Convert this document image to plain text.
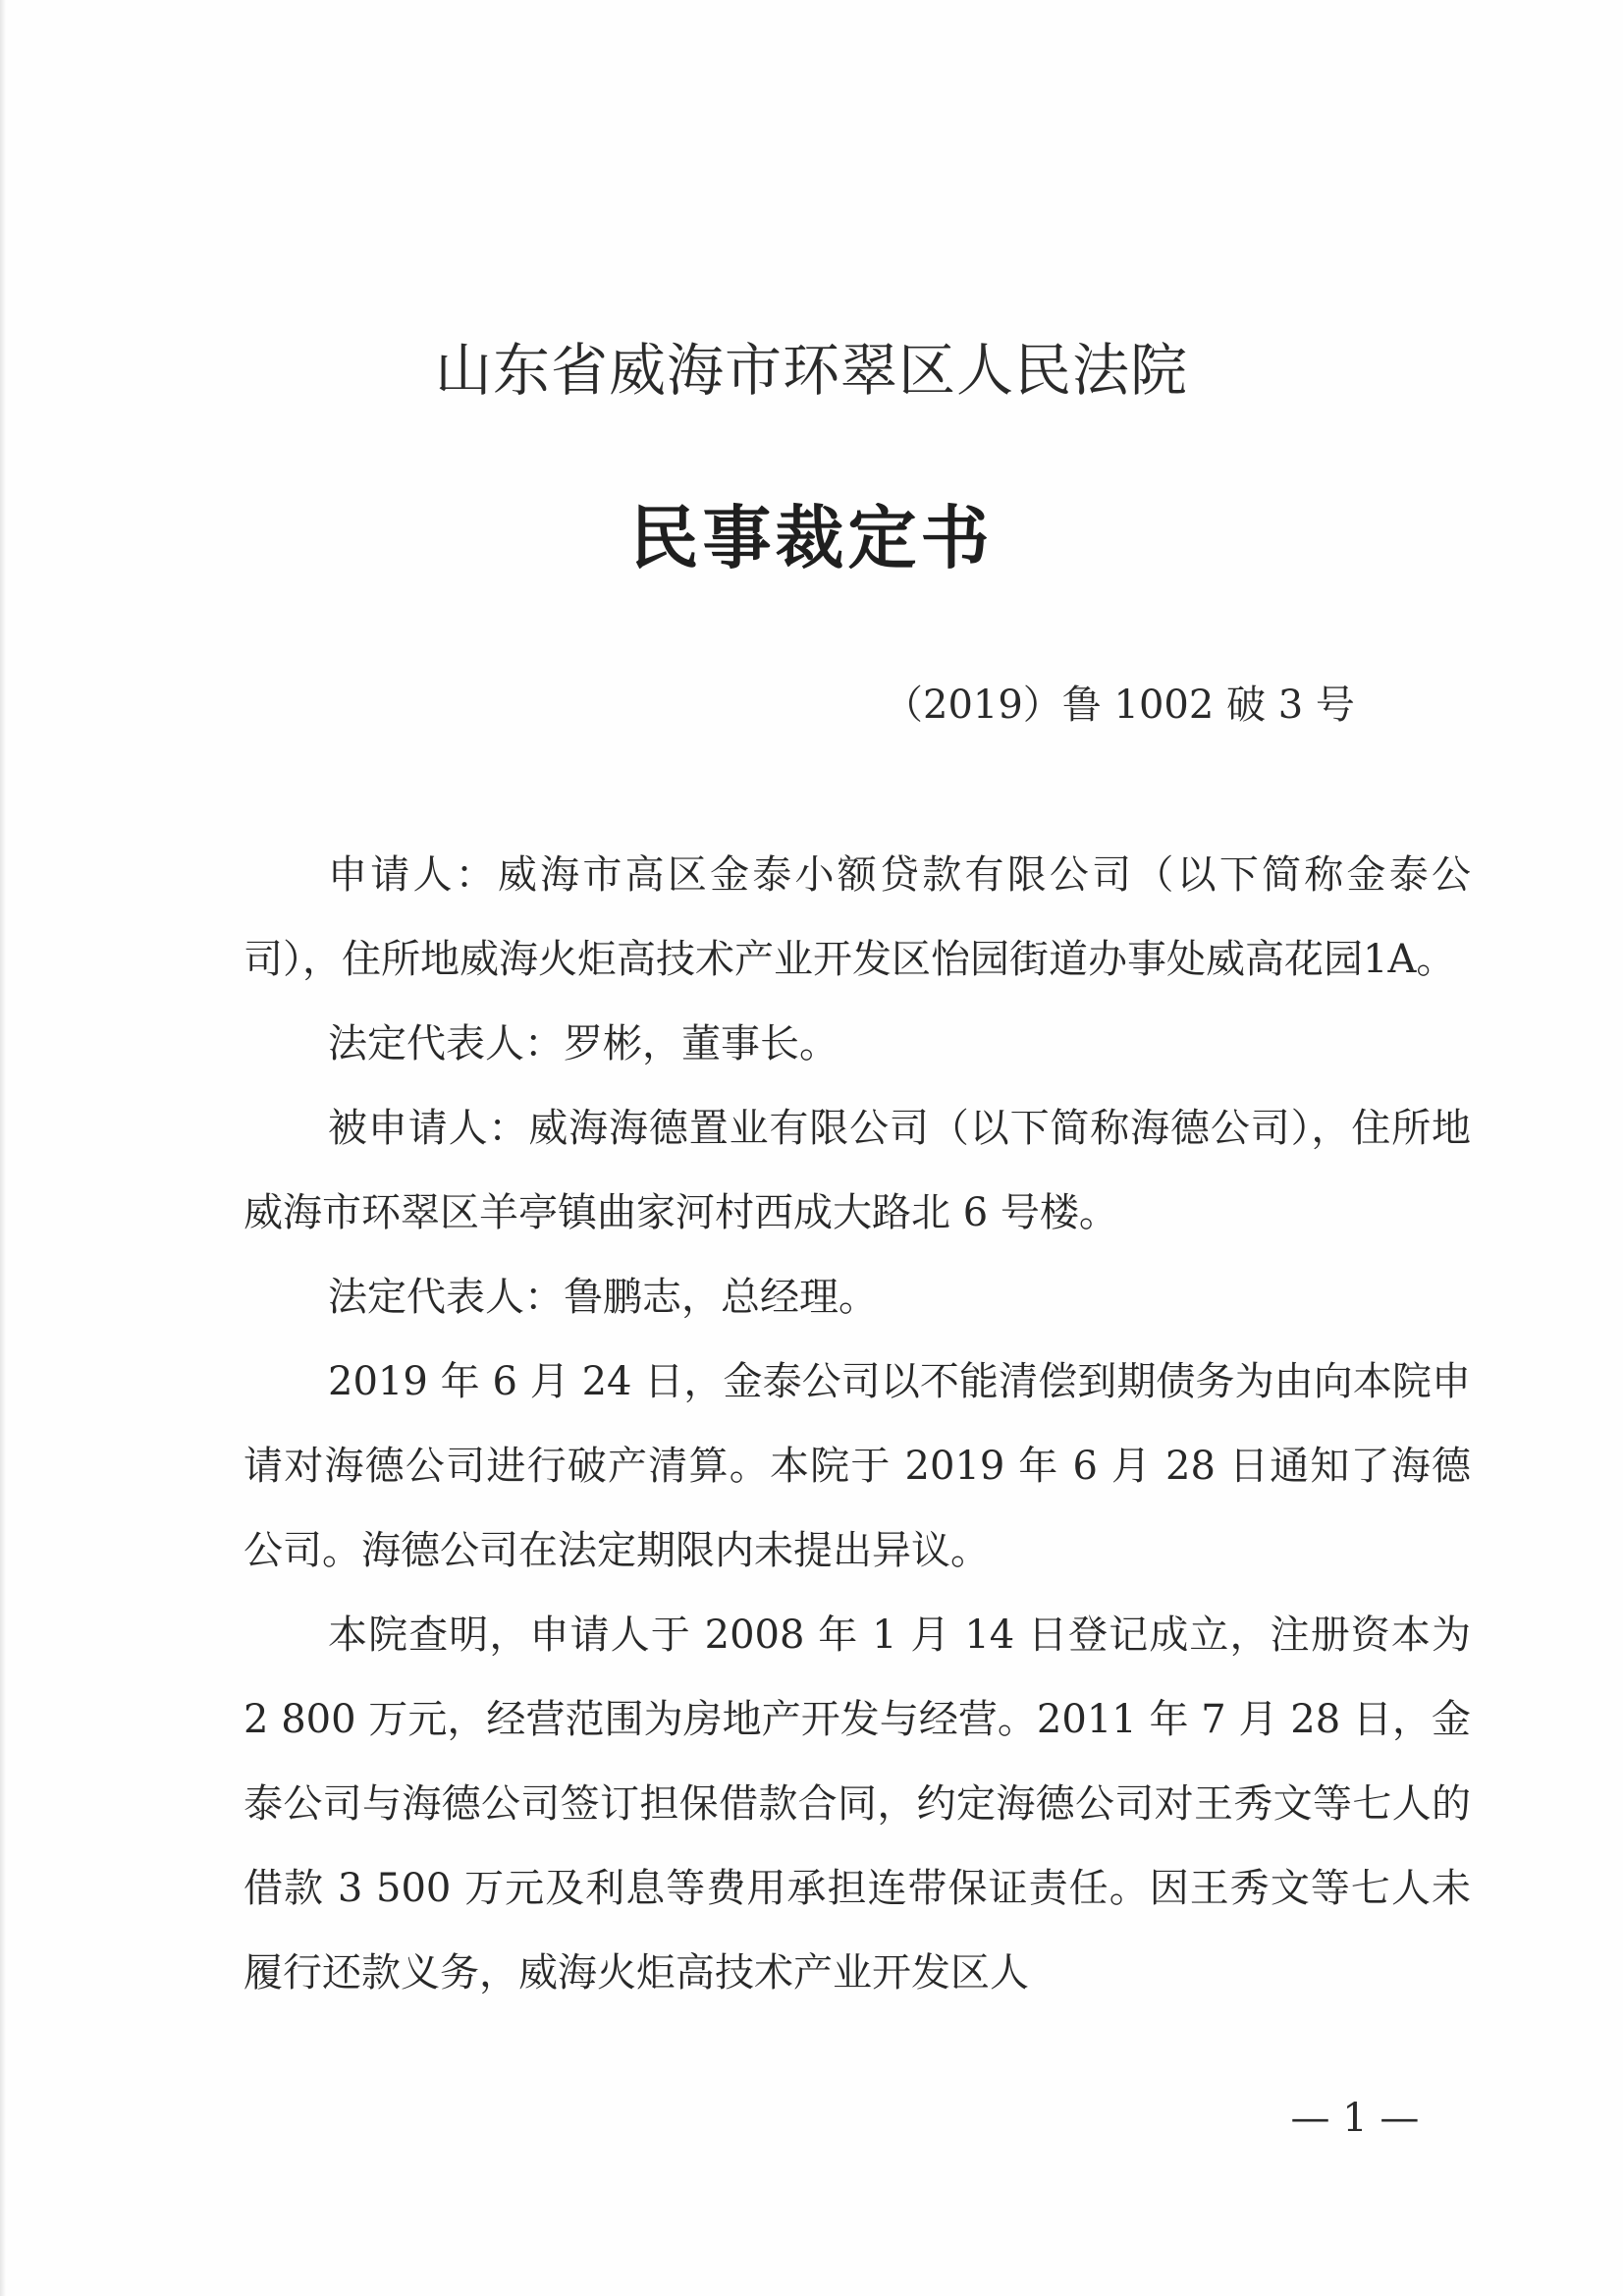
山东省威海市环翠区人民法院
民事裁定书
（2019）鲁 1002 破 3 号

申请人：威海市高区金泰小额贷款有限公司（以下简称金泰公司），住所地威海火炬高技术产业开发区怡园街道办事处威高花园1A。

法定代表人：罗彬，董事长。

被申请人：威海海德置业有限公司（以下简称海德公司），住所地威海市环翠区羊亭镇曲家河村西成大路北 6 号楼。

法定代表人：鲁鹏志，总经理。

2019 年 6 月 24 日，金泰公司以不能清偿到期债务为由向本院申请对海德公司进行破产清算。本院于 2019 年 6 月 28 日通知了海德公司。海德公司在法定期限内未提出异议。

本院查明，申请人于 2008 年 1 月 14 日登记成立，注册资本为 2 800 万元，经营范围为房地产开发与经营。2011 年 7 月 28 日，金泰公司与海德公司签订担保借款合同，约定海德公司对王秀文等七人的借款 3 500 万元及利息等费用承担连带保证责任。因王秀文等七人未履行还款义务，威海火炬高技术产业开发区人

— 1 —
